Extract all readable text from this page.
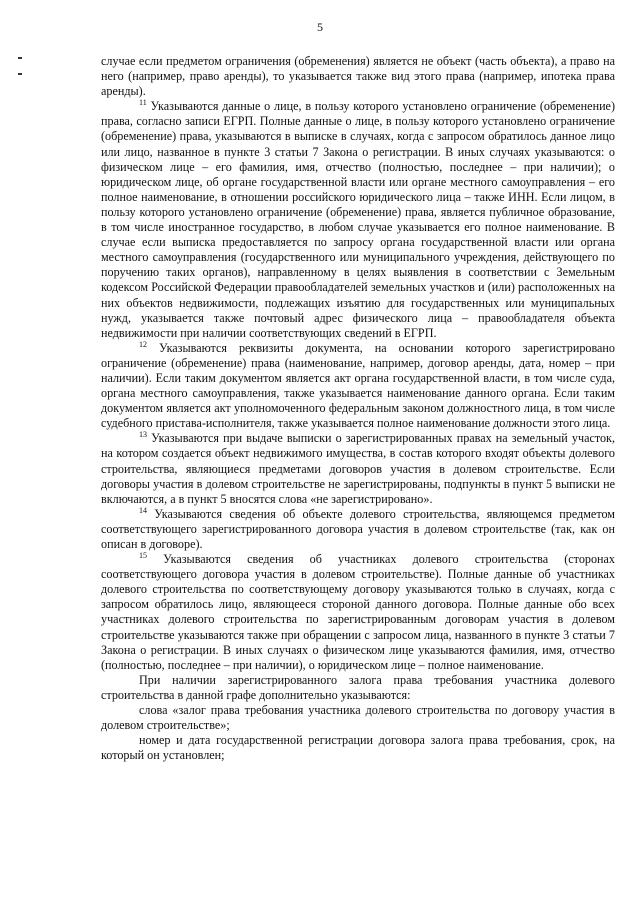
5

случае если предметом ограничения (обременения) является не объект (часть объекта), а право на него (например, право аренды), то указывается также вид этого права (например, ипотека права аренды).

$^{11}$ Указываются данные о лице, в пользу которого установлено ограничение (обременение) права, согласно записи ЕГРП. Полные данные о лице, в пользу которого установлено ограничение (обременение) права, указываются в выписке в случаях, когда с запросом обратилось данное лицо или лицо, названное в пункте 3 статьи 7 Закона о регистрации. В иных случаях указываются: о физическом лице – его фамилия, имя, отчество (полностью, последнее – при наличии); о юридическом лице, об органе государственной власти или органе местного самоуправления – его полное наименование, в отношении российского юридического лица – также ИНН. Если лицом, в пользу которого установлено ограничение (обременение) права, является публичное образование, в том числе иностранное государство, в любом случае указывается его полное наименование. В случае если выписка предоставляется по запросу органа государственной власти или органа местного самоуправления (государственного или муниципального учреждения, действующего по поручению таких органов), направленному в целях выявления в соответствии с Земельным кодексом Российской Федерации правообладателей земельных участков и (или) расположенных на них объектов недвижимости, подлежащих изъятию для государственных или муниципальных нужд, указывается также почтовый адрес физического лица – правообладателя объекта недвижимости при наличии соответствующих сведений в ЕГРП.

$^{12}$ Указываются реквизиты документа, на основании которого зарегистрировано ограничение (обременение) права (наименование, например, договор аренды, дата, номер – при наличии). Если таким документом является акт органа государственной власти, в том числе суда, органа местного самоуправления, также указывается наименование данного органа. Если таким документом является акт уполномоченного федеральным законом должностного лица, в том числе судебного пристава-исполнителя, также указывается полное наименование должности этого лица.

$^{13}$ Указываются при выдаче выписки о зарегистрированных правах на земельный участок, на котором создается объект недвижимого имущества, в состав которого входят объекты долевого строительства, являющиеся предметами договоров участия в долевом строительстве. Если договоры участия в долевом строительстве не зарегистрированы, подпункты в пункт 5 выписки не включаются, а в пункт 5 вносятся слова «не зарегистрировано».

$^{14}$ Указываются сведения об объекте долевого строительства, являющемся предметом соответствующего зарегистрированного договора участия в долевом строительстве (так, как он описан в договоре).

$^{15}$ Указываются сведения об участниках долевого строительства (сторонах соответствующего договора участия в долевом строительстве). Полные данные об участниках долевого строительства по соответствующему договору указываются только в случаях, когда с запросом обратилось лицо, являющееся стороной данного договора. Полные данные обо всех участниках долевого строительства по зарегистрированным договорам участия в долевом строительстве указываются также при обращении с запросом лица, названного в пункте 3 статьи 7 Закона о регистрации. В иных случаях о физическом лице указываются фамилия, имя, отчество (полностью, последнее – при наличии), о юридическом лице – полное наименование.

При наличии зарегистрированного залога права требования участника долевого строительства в данной графе дополнительно указываются:

слова «залог права требования участника долевого строительства по договору участия в долевом строительстве»;

номер и дата государственной регистрации договора залога права требования, срок, на который он установлен;
